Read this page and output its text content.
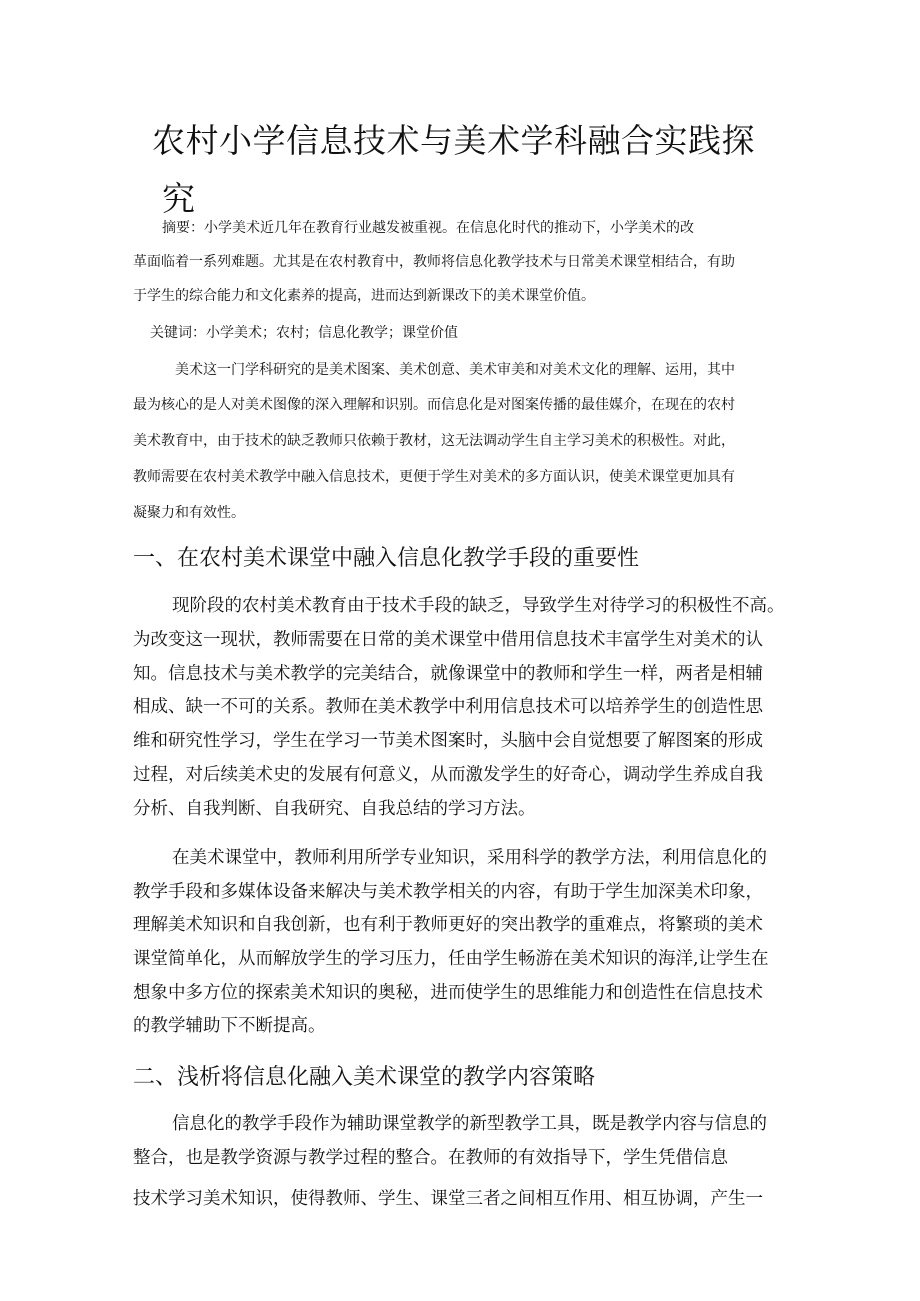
农村小学信息技术与美术学科融合实践探
究

摘要：小学美术近几年在教育行业越发被重视。在信息化时代的推动下，小学美术的改

革面临着一系列难题。尤其是在农村教育中，教师将信息化教学技术与日常美术课堂相结合，有助

于学生的综合能力和文化素养的提高，进而达到新课改下的美术课堂价值。

关键词：小学美术；农村；信息化教学；课堂价值

美术这一门学科研究的是美术图案、美术创意、美术审美和对美术文化的理解、运用，其中

最为核心的是人对美术图像的深入理解和识别。而信息化是对图案传播的最佳媒介，在现在的农村

美术教育中，由于技术的缺乏教师只依赖于教材，这无法调动学生自主学习美术的积极性。对此，

教师需要在农村美术教学中融入信息技术，更便于学生对美术的多方面认识，使美术课堂更加具有

凝聚力和有效性。

一、在农村美术课堂中融入信息化教学手段的重要性

现阶段的农村美术教育由于技术手段的缺乏，导致学生对待学习的积极性不高。

为改变这一现状，教师需要在日常的美术课堂中借用信息技术丰富学生对美术的认

知。信息技术与美术教学的完美结合，就像课堂中的教师和学生一样，两者是相辅

相成、缺一不可的关系。教师在美术教学中利用信息技术可以培养学生的创造性思

维和研究性学习，学生在学习一节美术图案时，头脑中会自觉想要了解图案的形成

过程，对后续美术史的发展有何意义，从而激发学生的好奇心，调动学生养成自我

分析、自我判断、自我研究、自我总结的学习方法。

在美术课堂中，教师利用所学专业知识，采用科学的教学方法，利用信息化的

教学手段和多媒体设备来解决与美术教学相关的内容，有助于学生加深美术印象，

理解美术知识和自我创新，也有利于教师更好的突出教学的重难点，将繁琐的美术

课堂简单化，从而解放学生的学习压力，任由学生畅游在美术知识的海洋,让学生在

想象中多方位的探索美术知识的奥秘，进而使学生的思维能力和创造性在信息技术

的教学辅助下不断提高。

二、浅析将信息化融入美术课堂的教学内容策略

信息化的教学手段作为辅助课堂教学的新型教学工具，既是教学内容与信息的

整合，也是教学资源与教学过程的整合。在教师的有效指导下，学生凭借信息

技术学习美术知识，使得教师、学生、课堂三者之间相互作用、相互协调，产生一
